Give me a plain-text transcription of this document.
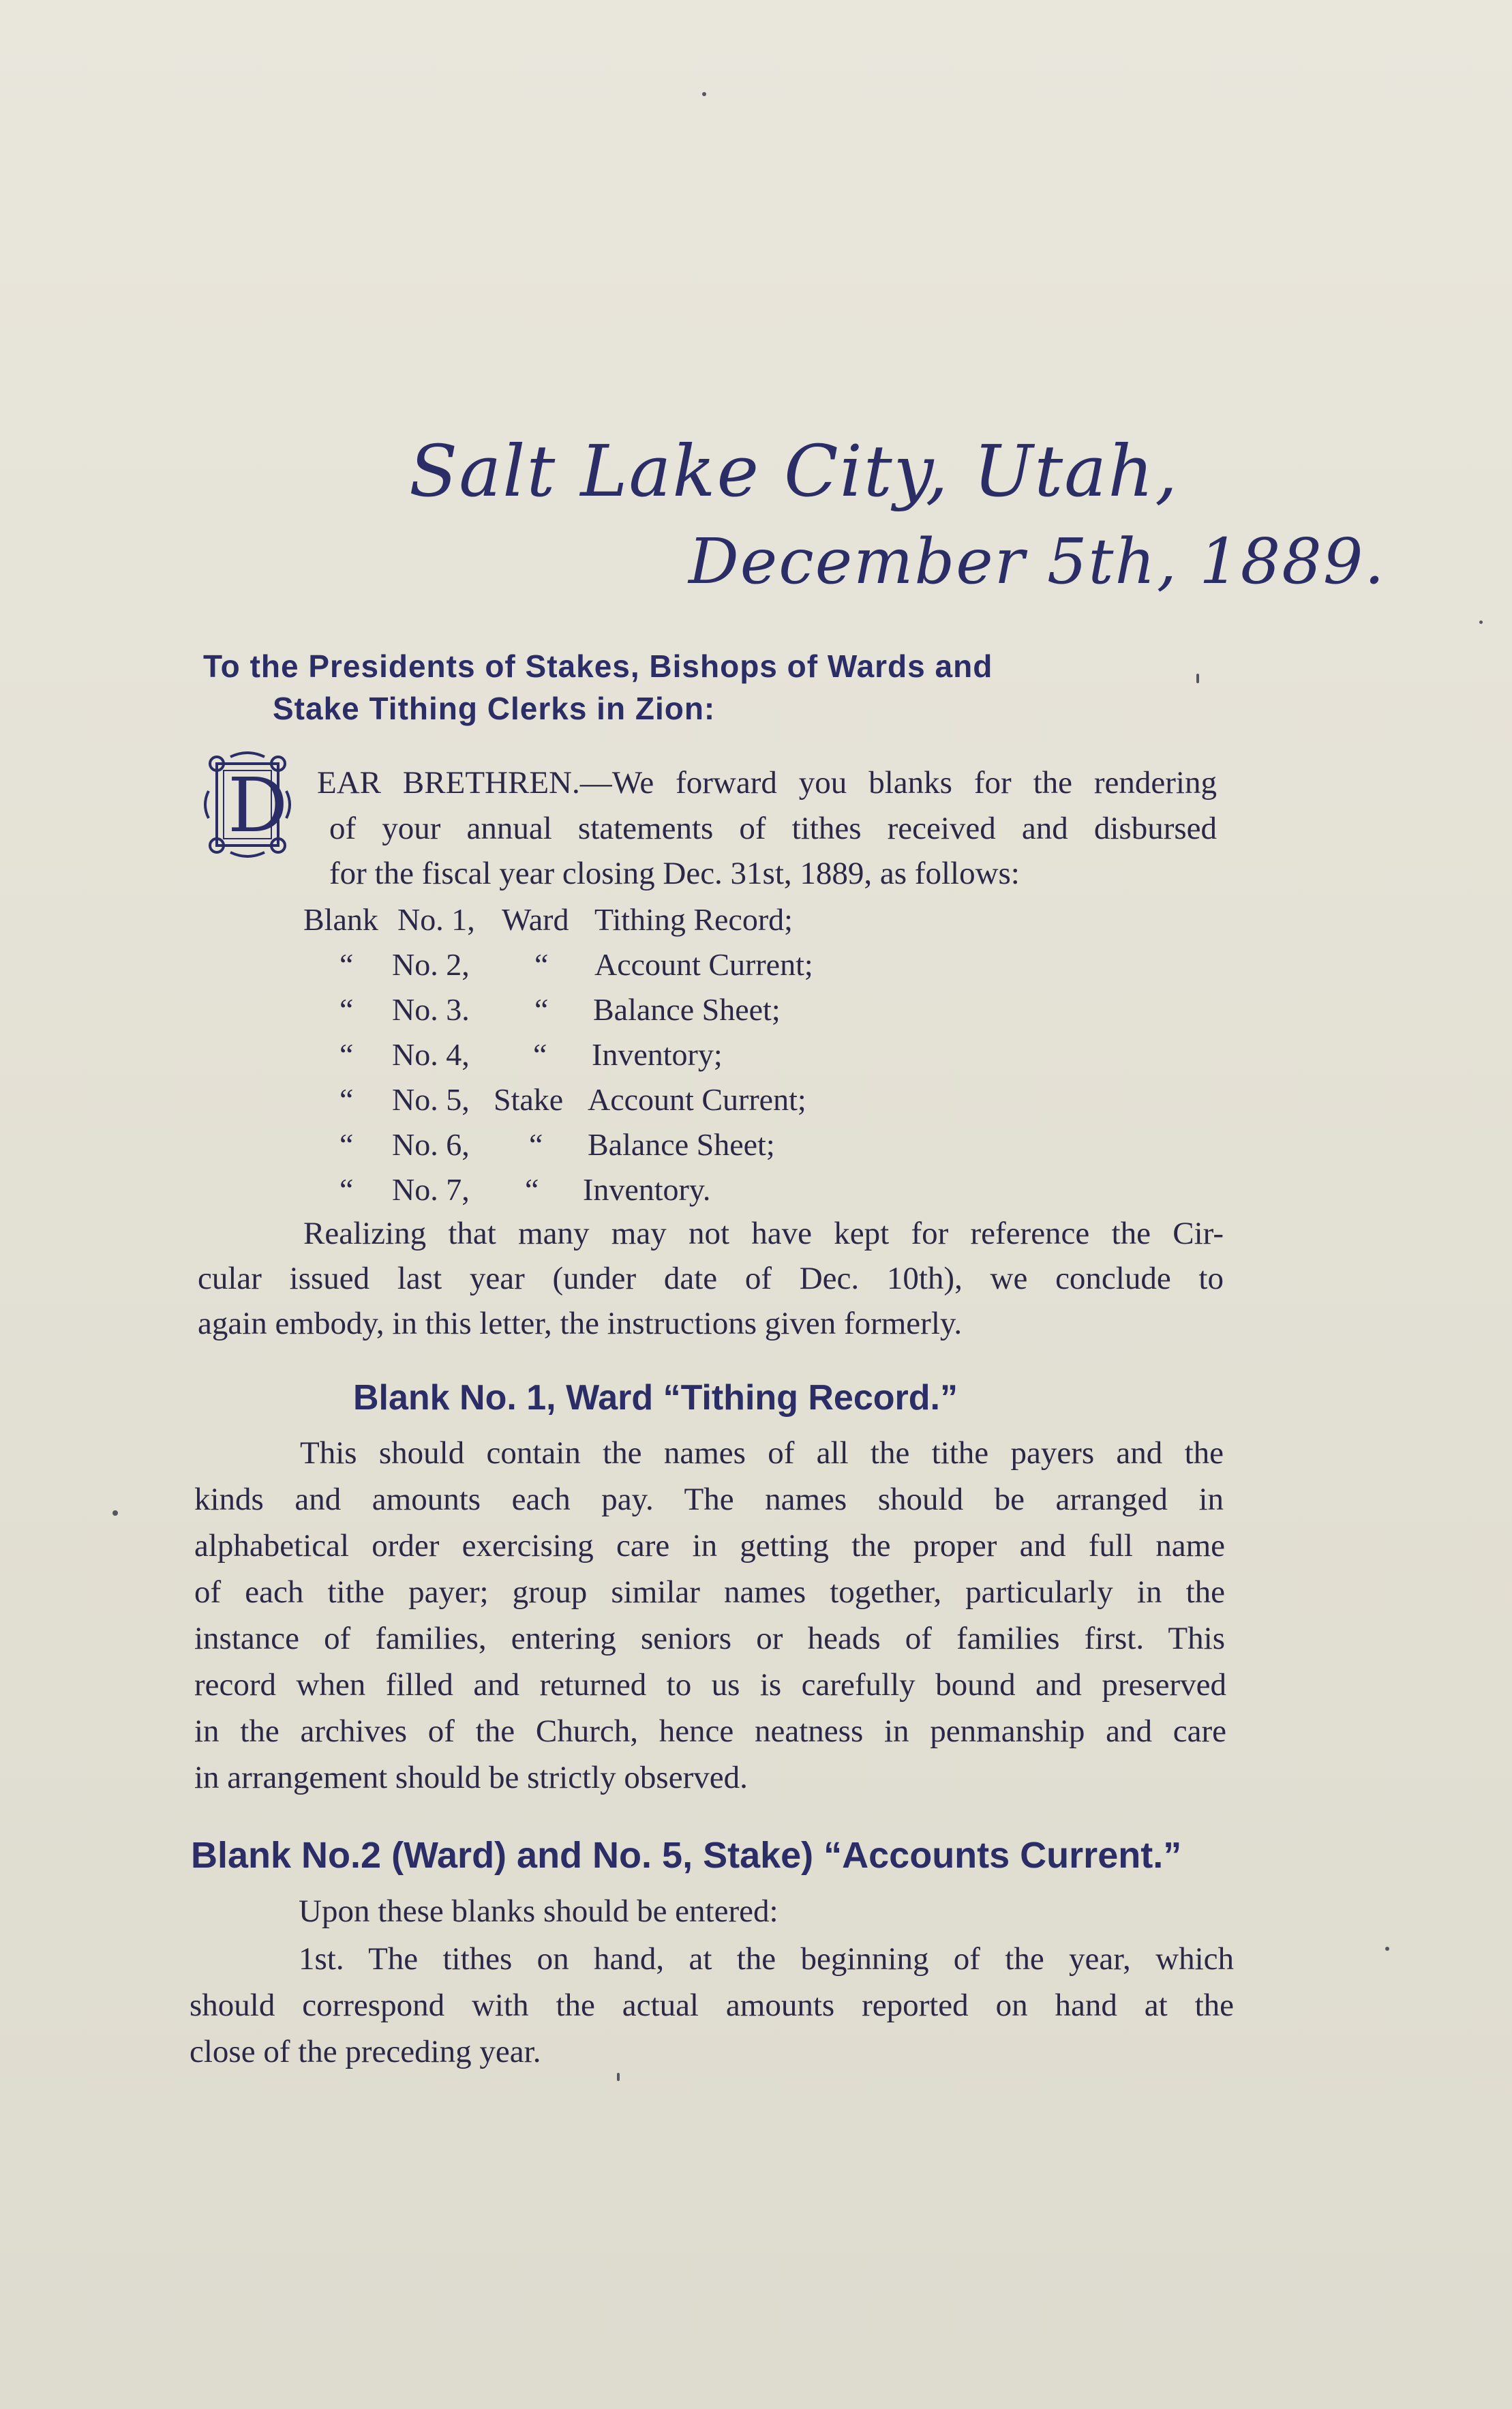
Salt Lake City, Utah,
December 5th, 1889.
To the Presidents of Stakes, Bishops of Wards and
Stake Tithing Clerks in Zion:
D EAR BRETHREN.—We forward you blanks for the rendering
of your annual statements of tithes received and disbursed
for the fiscal year closing Dec. 31st, 1889, as follows:
Blank No. 1, Ward Tithing Record;
“ No. 2, “ Account Current;
“ No. 3. “ Balance Sheet;
“ No. 4, “ Inventory;
“ No. 5, Stake Account Current;
“ No. 6, “ Balance Sheet;
“ No. 7, “ Inventory.
Realizing that many may not have kept for reference the Cir-
cular issued last year (under date of Dec. 10th), we conclude to
again embody, in this letter, the instructions given formerly.
Blank No. 1, Ward “Tithing Record.”
This should contain the names of all the tithe payers and the
kinds and amounts each pay. The names should be arranged in
alphabetical order exercising care in getting the proper and full name
of each tithe payer; group similar names together, particularly in the
instance of families, entering seniors or heads of families first. This
record when filled and returned to us is carefully bound and preserved
in the archives of the Church, hence neatness in penmanship and care
in arrangement should be strictly observed.
Blank No.2 (Ward) and No. 5, Stake) “Accounts Current.”
Upon these blanks should be entered:
1st. The tithes on hand, at the beginning of the year, which
should correspond with the actual amounts reported on hand at the
close of the preceding year.
